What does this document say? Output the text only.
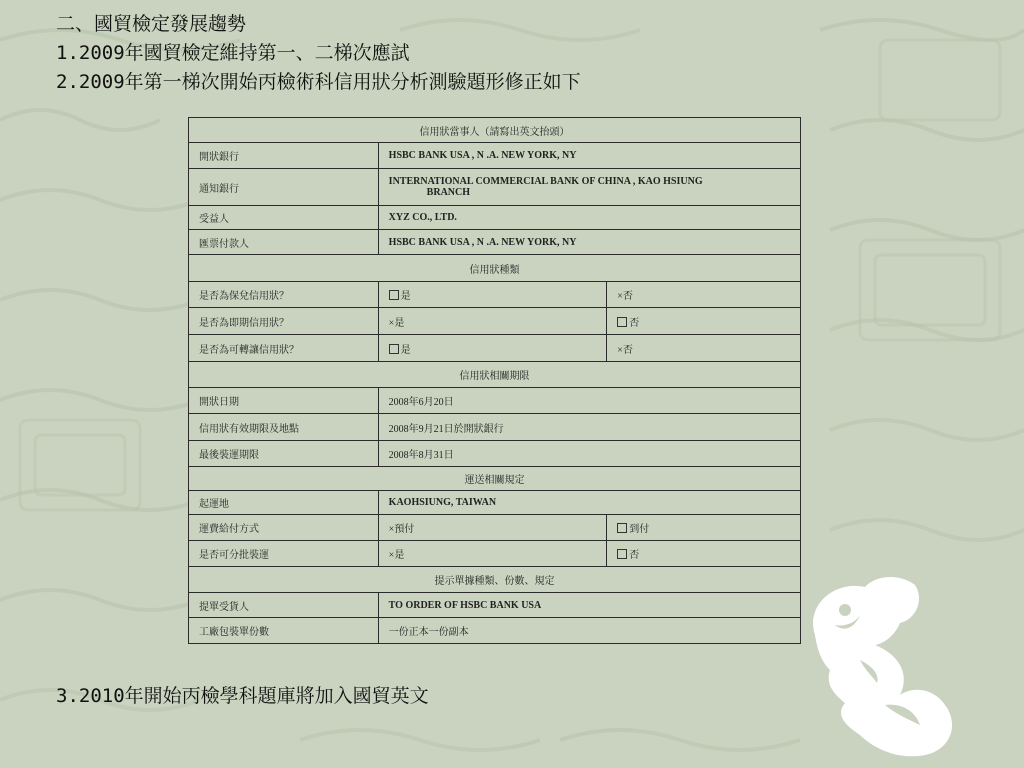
二、國貿檢定發展趨勢
1.2009年國貿檢定維持第一、二梯次應試
2.2009年第一梯次開始丙檢術科信用狀分析測驗題形修正如下
信用狀當事人（請寫出英文抬頭）		
開狀銀行	HSBC BANK USA , N .A. NEW YORK, NY	
通知銀行	INTERNATIONAL COMMERCIAL BANK OF CHINA , KAO HSIUNG
BRANCH	

受益人	XYZ CO., LTD.	
匯票付款人	HSBC BANK USA , N .A. NEW YORK, NY	
信用狀種類		
是否為保兌信用狀？	是	×否
是否為即期信用狀？	×是	否
是否為可轉讓信用狀？	是	×否
信用狀相關期限		
開狀日期	2008年6月20日	
信用狀有效期限及地點	2008年9月21日於開狀銀行	
最後裝運期限	2008年8月31日	
運送相關規定		
起運地	KAOHSIUNG, TAIWAN	
運費給付方式	×預付	到付
是否可分批裝運	×是	否
提示單據種類、份數、規定		
提單受貨人	TO ORDER OF HSBC BANK USA	
工廠包裝單份數	一份正本一份副本	
3.2010年開始丙檢學科題庫將加入國貿英文
